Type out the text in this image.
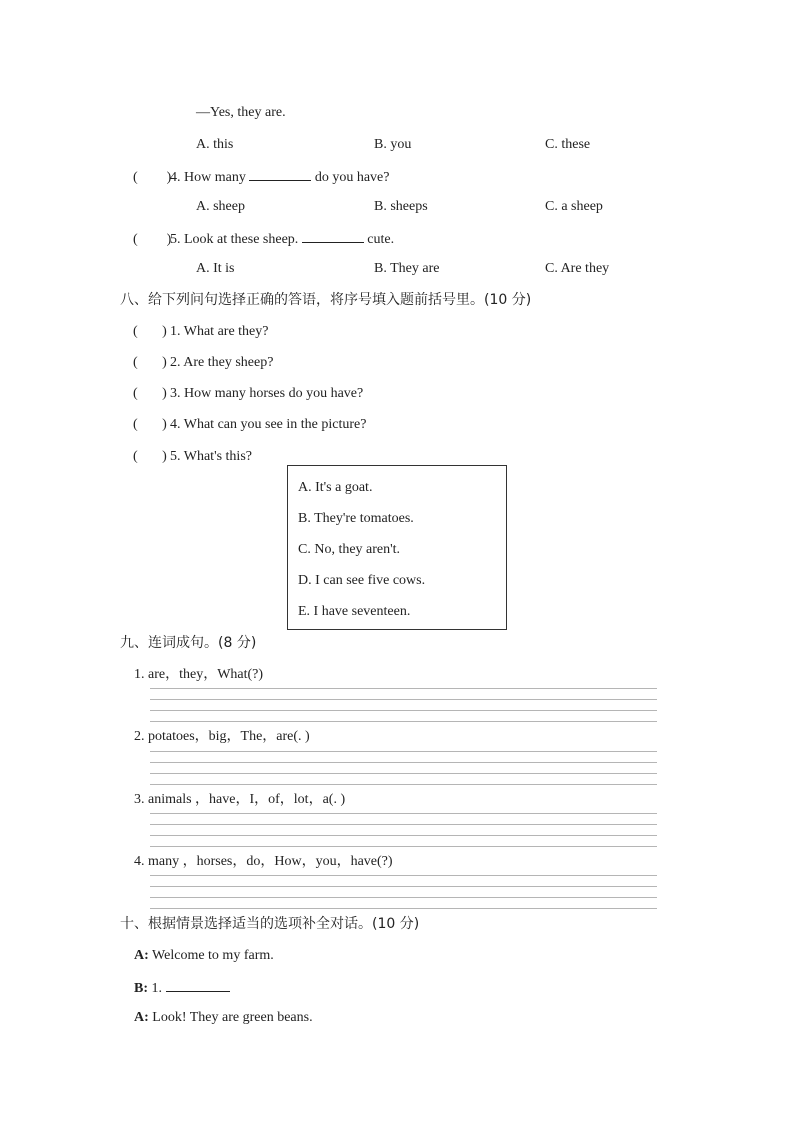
—Yes, they are.
A. this	B. you	C. these
( )4. How many	do you have?
A. sheep	B. sheeps	C. a sheep
( )5. Look at these sheep.	cute.
A. It is	B. They are	C. Are they
八、给下列问句选择正确的答语，将序号填入题前括号里。(10 分)
(       ) 1. What are they?
(       ) 2. Are they sheep?
(       ) 3. How many horses do you have?
(       ) 4. What can you see in the picture?
(       ) 5. What's this?
A. It's a goat.
B. They're tomatoes.
C. No, they aren't.
D. I can see five cows.
E. I have seventeen.
九、连词成句。(8 分)
1. are，they，What(?)
2. potatoes，big，The，are(. )
3. animals ，have，I，of，lot，a(. )
4. many ，horses，do，How，you，have(?)
十、根据情景选择适当的选项补全对话。(10 分)
A: Welcome to my farm.
B: 1.
A: Look! They are green beans.
